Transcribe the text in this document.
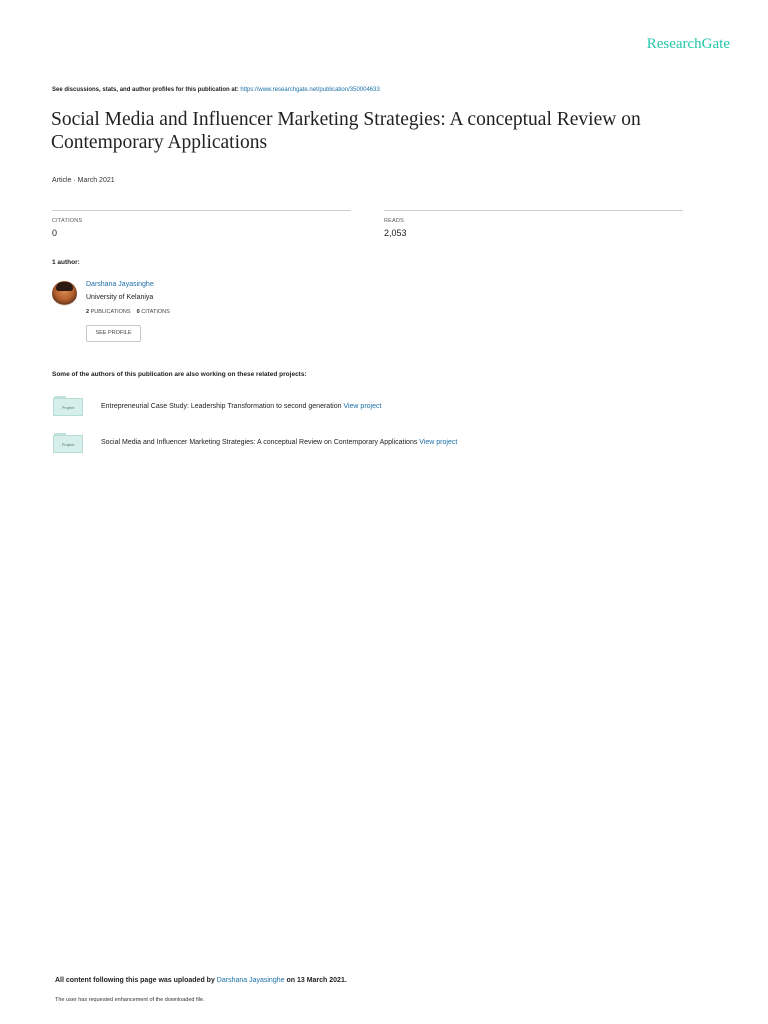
ResearchGate
See discussions, stats, and author profiles for this publication at: https://www.researchgate.net/publication/350004633
Social Media and Influencer Marketing Strategies: A conceptual Review on Contemporary Applications
Article · March 2021
CITATIONS
0
READS
2,053
1 author:
Darshana Jayasinghe
University of Kelaniya
2 PUBLICATIONS 0 CITATIONS
SEE PROFILE
Some of the authors of this publication are also working on these related projects:
Project	Entrepreneurial Case Study: Leadership Transformation to second generation View project
Project	Social Media and Influencer Marketing Strategies: A conceptual Review on Contemporary Applications View project
All content following this page was uploaded by Darshana Jayasinghe on 13 March 2021.
The user has requested enhancement of the downloaded file.
